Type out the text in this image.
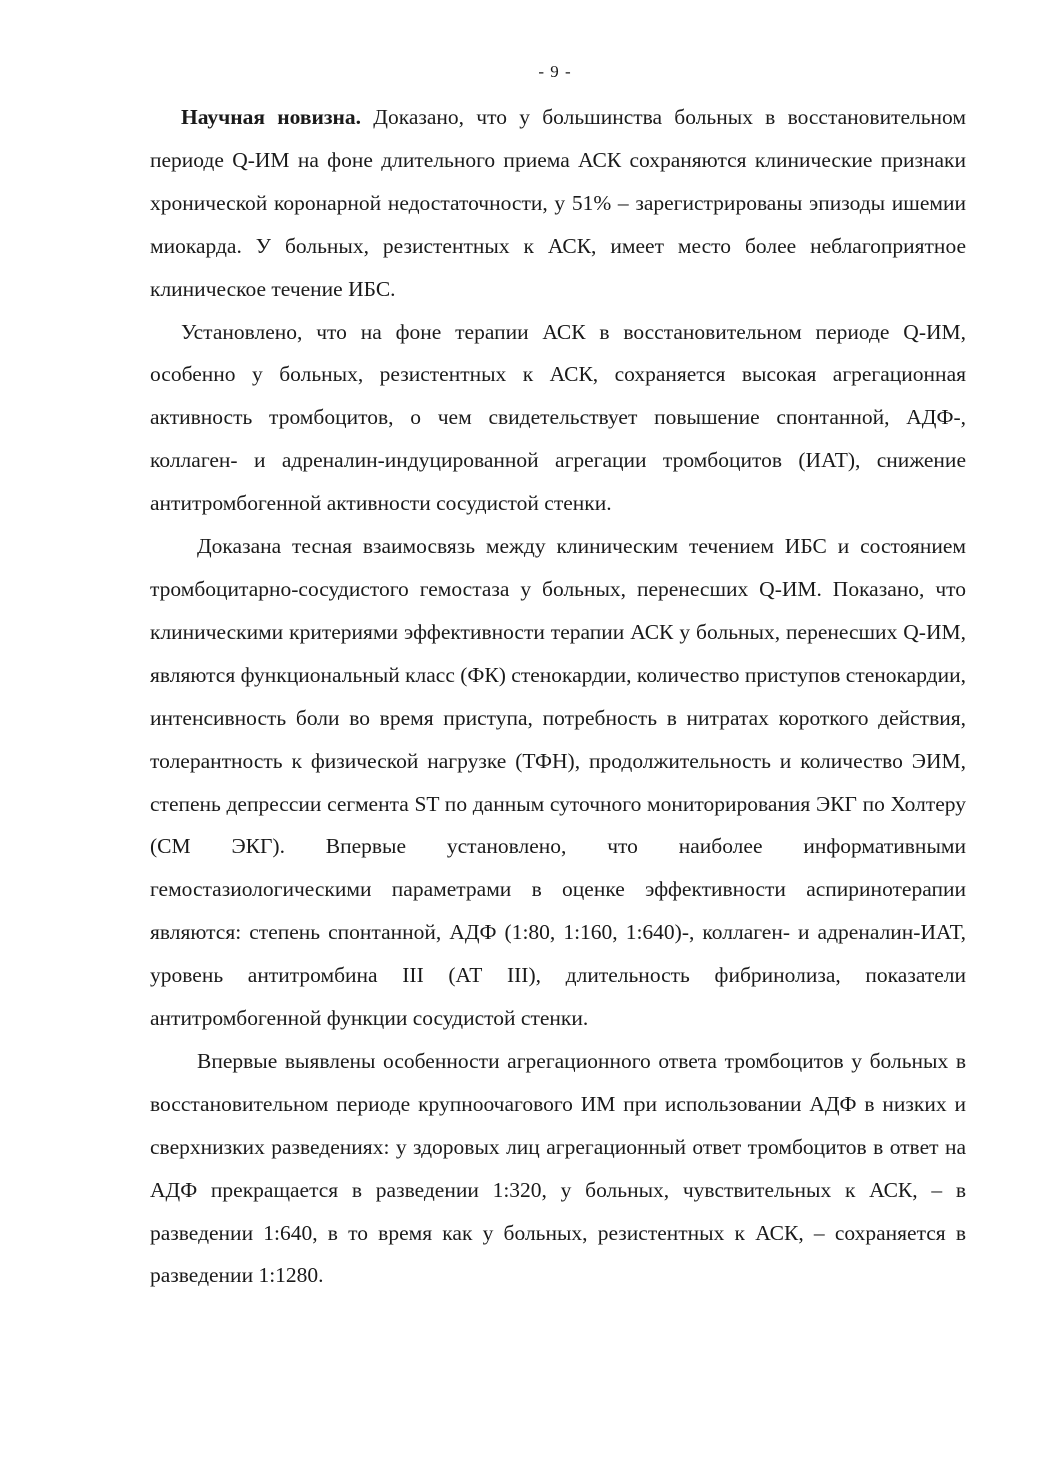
- 9 -

Научная новизна. Доказано, что у большинства больных в восстановительном периоде Q-ИМ на фоне длительного приема АСК сохраняются клинические признаки хронической коронарной недостаточности, у 51% – зарегистрированы эпизоды ишемии миокарда. У больных, резистентных к АСК, имеет место более неблагоприятное клиническое течение ИБС.

Установлено, что на фоне терапии АСК в восстановительном периоде Q-ИМ, особенно у больных, резистентных к АСК, сохраняется высокая агрегационная активность тромбоцитов, о чем свидетельствует повышение спонтанной, АДФ-, коллаген- и адреналин-индуцированной агрегации тромбоцитов (ИАТ), снижение антитромбогенной активности сосудистой стенки.

Доказана тесная взаимосвязь между клиническим течением ИБС и состоянием тромбоцитарно-сосудистого гемостаза у больных, перенесших Q-ИМ. Показано, что клиническими критериями эффективности терапии АСК у больных, перенесших Q-ИМ, являются функциональный класс (ФК) стенокардии, количество приступов стенокардии, интенсивность боли во время приступа, потребность в нитратах короткого действия, толерантность к физической нагрузке (ТФН), продолжительность и количество ЭИМ, степень депрессии сегмента ST по данным суточного мониторирования ЭКГ по Холтеру (СМ ЭКГ). Впервые установлено, что наиболее информативными гемостазиологическими параметрами в оценке эффективности аспиринотерапии являются: степень спонтанной, АДФ (1:80, 1:160, 1:640)-, коллаген- и адреналин-ИАТ, уровень антитромбина III (АТ III), длительность фибринолиза, показатели антитромбогенной функции сосудистой стенки.

Впервые выявлены особенности агрегационного ответа тромбоцитов у больных в восстановительном периоде крупноочагового ИМ при использовании АДФ в низких и сверхнизких разведениях: у здоровых лиц агрегационный ответ тромбоцитов в ответ на АДФ прекращается в разведении 1:320, у больных, чувствительных к АСК, – в разведении 1:640, в то время как у больных, резистентных к АСК, – сохраняется в разведении 1:1280.
